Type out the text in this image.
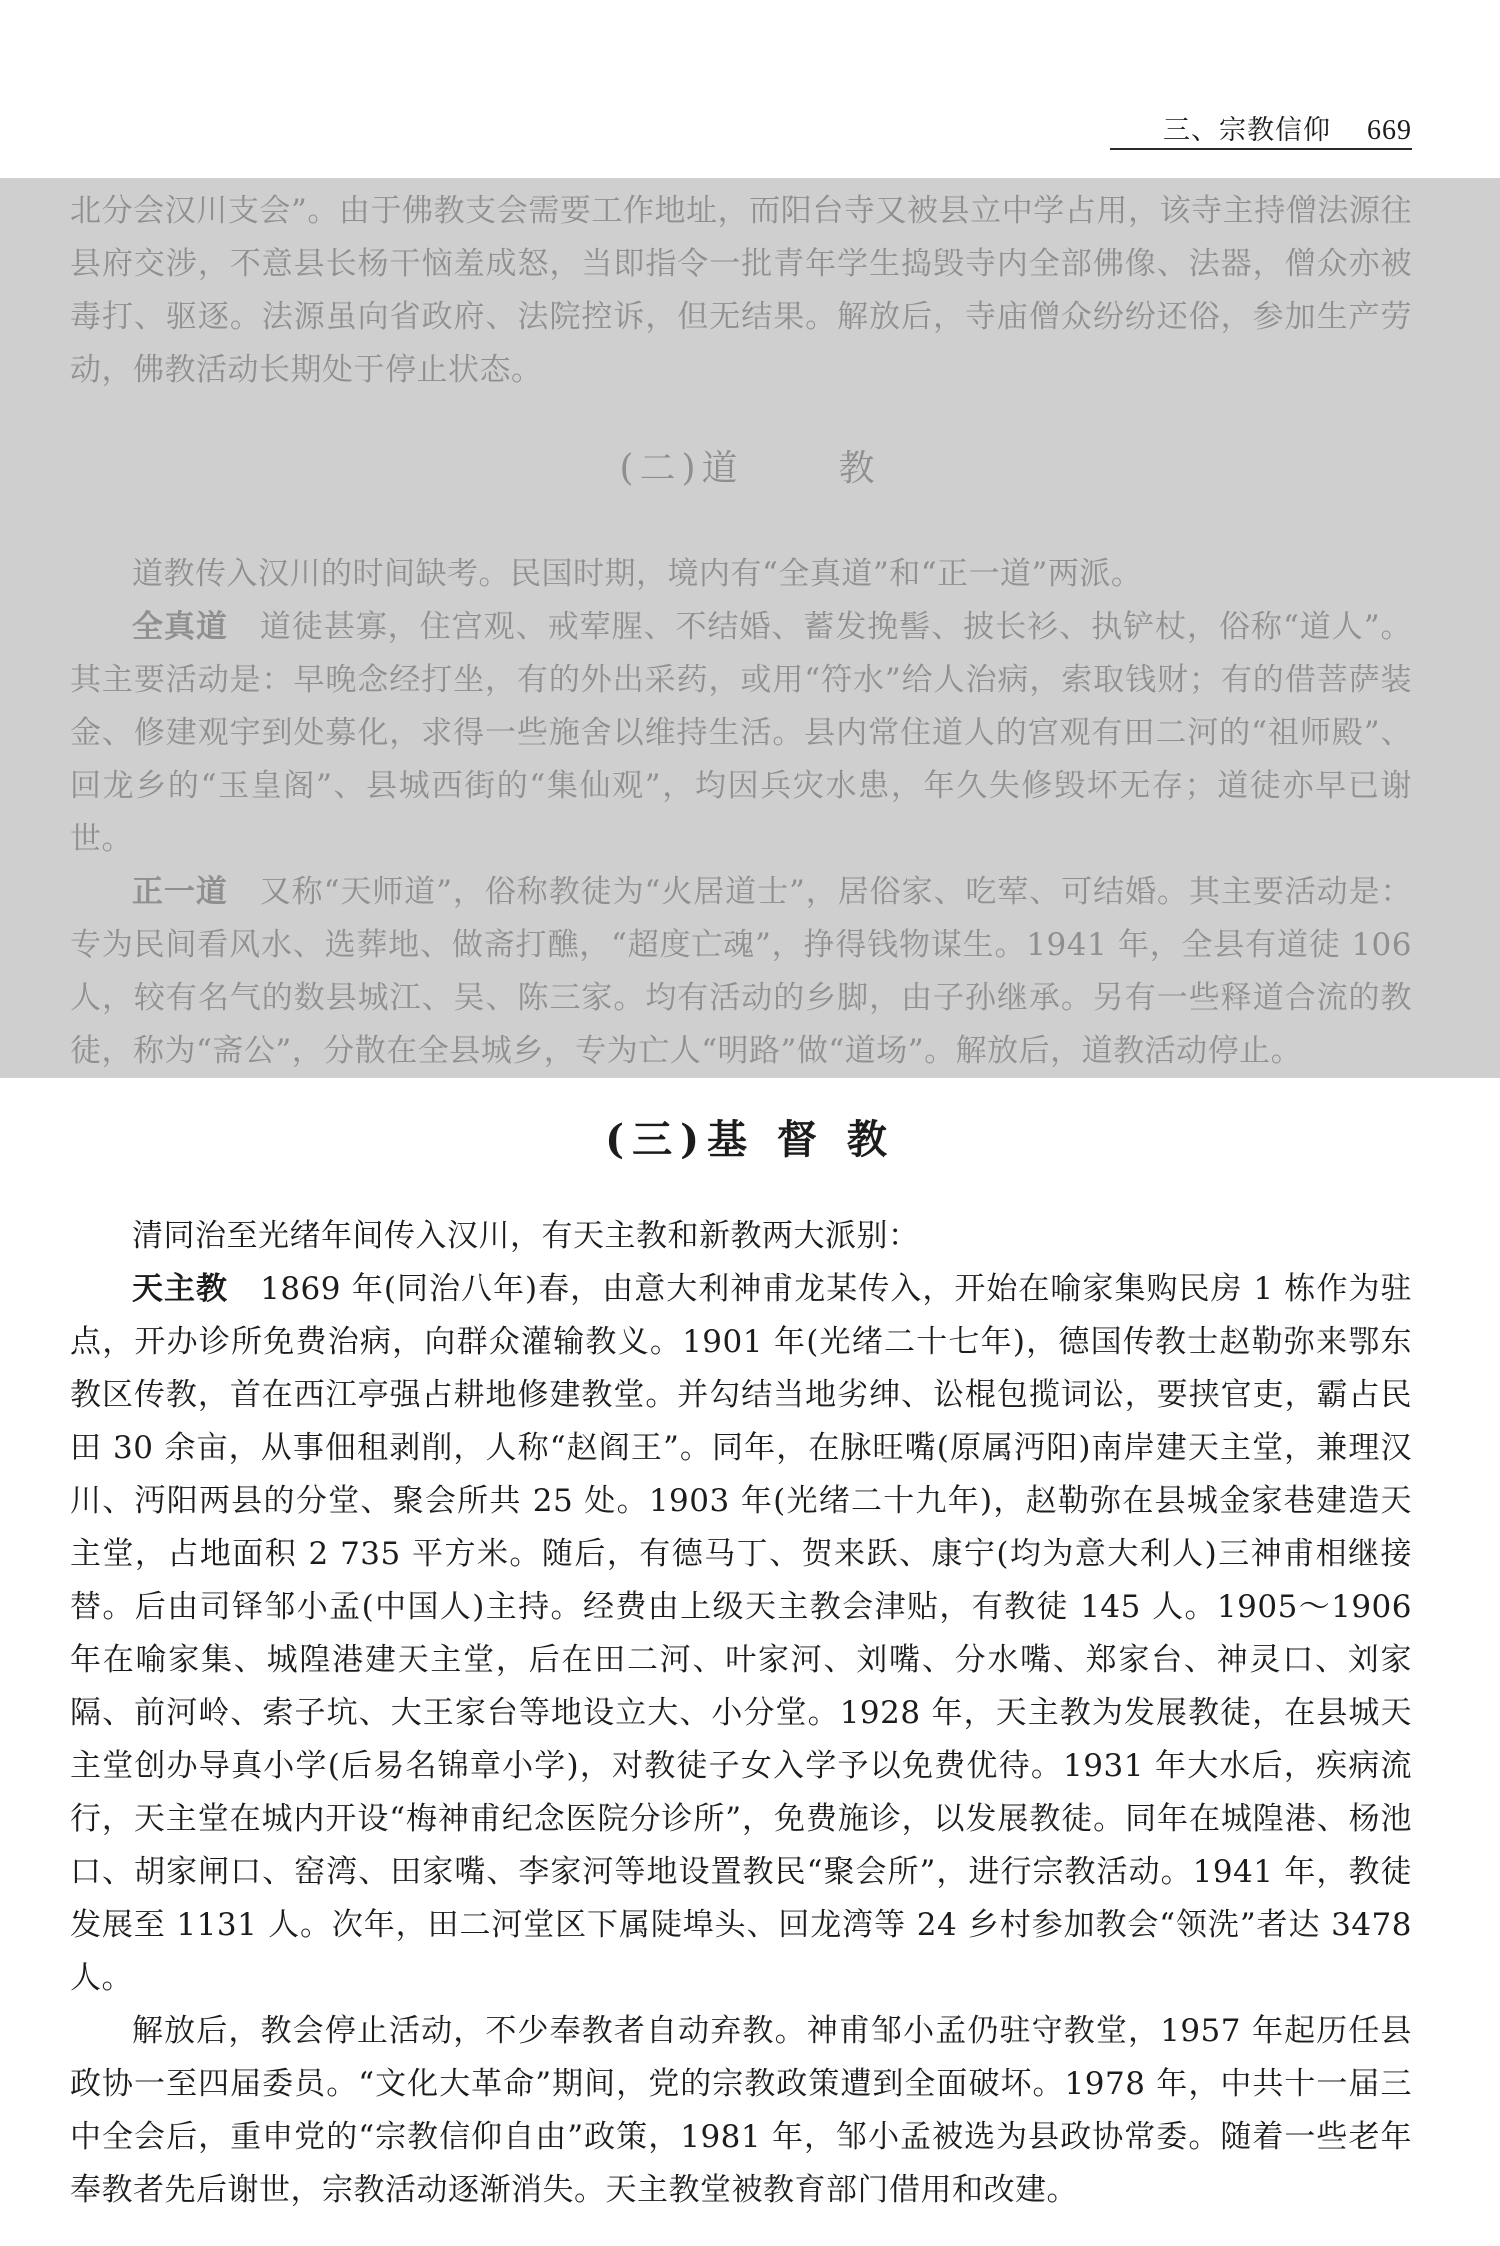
三、宗教信仰 669

北分会汉川支会”。由于佛教支会需要工作地址，而阳台寺又被县立中学占用，该寺主持僧法源往县府交涉，不意县长杨干恼羞成怒，当即指令一批青年学生捣毁寺内全部佛像、法器，僧众亦被毒打、驱逐。法源虽向省政府、法院控诉，但无结果。解放后，寺庙僧众纷纷还俗，参加生产劳动，佛教活动长期处于停止状态。

(二)道	教

道教传入汉川的时间缺考。民国时期，境内有“全真道”和“正一道”两派。

全真道　 道徒甚寡，住宫观、戒荤腥、不结婚、蓄发挽髻、披长衫、执铲杖，俗称“道人”。其主要活动是：早晚念经打坐，有的外出采药，或用“符水”给人治病，索取钱财；有的借菩萨装金、修建观宇到处募化，求得一些施舍以维持生活。县内常住道人的宫观有田二河的“祖师殿”、回龙乡的“玉皇阁”、县城西街的“集仙观”，均因兵灾水患，年久失修毁坏无存；道徒亦早已谢世。

正一道　 又称“天师道”，俗称教徒为“火居道士”，居俗家、吃荤、可结婚。其主要活动是：专为民间看风水、选葬地、做斋打醮，“超度亡魂”，挣得钱物谋生。1941 年，全县有道徒 106 人，较有名气的数县城江、吴、陈三家。均有活动的乡脚，由子孙继承。另有一些释道合流的教徒，称为“斋公”，分散在全县城乡，专为亡人“明路”做“道场”。解放后，道教活动停止。

(三)基 督 教

清同治至光绪年间传入汉川，有天主教和新教两大派别：

天主教　 1869 年(同治八年)春，由意大利神甫龙某传入，开始在喻家集购民房 1 栋作为驻点，开办诊所免费治病，向群众灌输教义。1901 年(光绪二十七年)，德国传教士赵勒弥来鄂东教区传教，首在西江亭强占耕地修建教堂。并勾结当地劣绅、讼棍包揽词讼，要挟官吏，霸占民田 30 余亩，从事佃租剥削，人称“赵阎王”。同年，在脉旺嘴(原属沔阳)南岸建天主堂，兼理汉川、沔阳两县的分堂、聚会所共 25 处。1903 年(光绪二十九年)，赵勒弥在县城金家巷建造天主堂，占地面积 2 735 平方米。随后，有德马丁、贺来跃、康宁(均为意大利人)三神甫相继接替。后由司铎邹小孟(中国人)主持。经费由上级天主教会津贴，有教徒 145 人。1905～1906 年在喻家集、城隍港建天主堂，后在田二河、叶家河、刘嘴、分水嘴、郑家台、神灵口、刘家隔、前河岭、索子坑、大王家台等地设立大、小分堂。1928 年，天主教为发展教徒，在县城天主堂创办导真小学(后易名锦章小学)，对教徒子女入学予以免费优待。1931 年大水后，疾病流行，天主堂在城内开设“梅神甫纪念医院分诊所”，免费施诊，以发展教徒。同年在城隍港、杨池口、胡家闸口、窑湾、田家嘴、李家河等地设置教民“聚会所”，进行宗教活动。1941 年，教徒发展至 1131 人。次年，田二河堂区下属陡埠头、回龙湾等 24 乡村参加教会“领洗”者达 3478 人。

解放后，教会停止活动，不少奉教者自动弃教。神甫邹小孟仍驻守教堂，1957 年起历任县政协一至四届委员。“文化大革命”期间，党的宗教政策遭到全面破坏。1978 年，中共十一届三中全会后，重申党的“宗教信仰自由”政策，1981 年，邹小孟被选为县政协常委。随着一些老年奉教者先后谢世，宗教活动逐渐消失。天主教堂被教育部门借用和改建。
